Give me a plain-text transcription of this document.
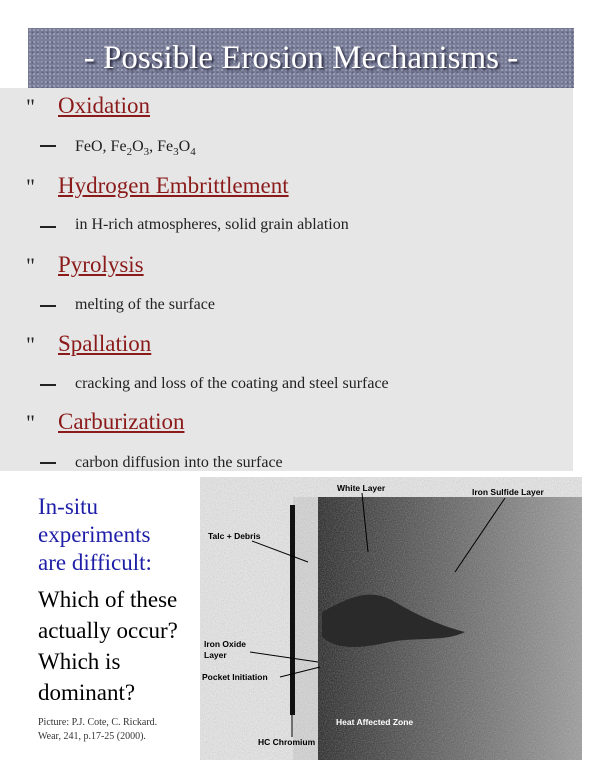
- Possible Erosion Mechanisms -
" Oxidation
FeO, $Fe_2O_3$, $Fe_3O_4$
" Hydrogen Embrittlement
in H-rich atmospheres, solid grain ablation
" Pyrolysis
melting of the surface
" Spallation
cracking and loss of the coating and steel surface
" Carburization
carbon diffusion into the surface
In-situ
experiments
are difficult:
Which of these
actually occur?
Which is
dominant?
Picture: P.J. Cote, C. Rickard.
Wear, 241, p.17-25 (2000).
White Layer	Iron Sulfide Layer
Talc + Debris
Iron Oxide
Layer
Pocket Initiation
Heat Affected Zone
HC Chromium
